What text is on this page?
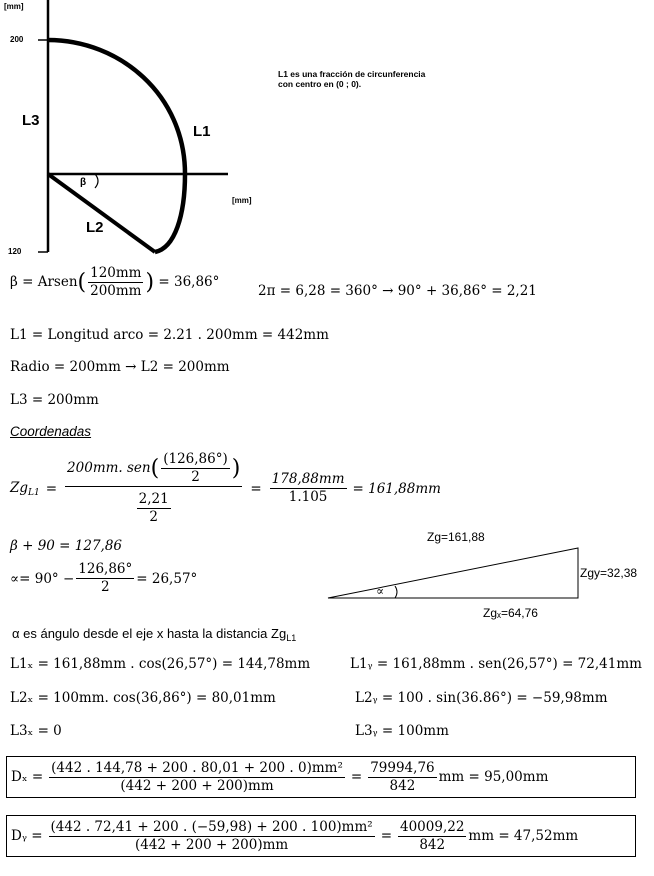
[mm]
200
120
[mm]
L3
L1
L2
β
L1 es una fracción de circunferencia
con centro en (0 ; 0).
β = Arsen( $\frac{120mm}{200mm}$ ) = 36,86°
2π = 6,28 = 360° → 90° + 36,86° = 2,21
L1 = Longitud arco = 2.21 . 200mm = 442mm
Radio = 200mm → L2 = 200mm
L3 = 200mm
Coordenadas
$Zg_{L1} = \frac{200mm. sen ( \frac{(126,86^\circ)}{2} )}{\frac{2,21}{2}} = \frac{178,88mm}{1.105} = 161,88mm$
β + 90 = 127,86
∝= $90^\circ - \frac{126,86^\circ}{2} = 26,57^\circ$
Zg=161,88
Zgy=32,38
Zgₓ=64,76
∝
α es ángulo desde el eje x hasta la distancia $Zg_{L1}$
L1ₓ = 161,88mm . cos(26,57°) = 144,78mm	L1ᵧ = 161,88mm . sen(26,57°) = 72,41mm
L2ₓ = 100mm. cos(36,86°) = 80,01mm	L2ᵧ = 100 . sin(36.86°) = −59,98mm
L3ₓ = 0	L3ᵧ = 100mm
$D_x = \frac{\text{(442 . 144,78 + 200 . 80,01 + 200 . 0)mm²}}{(442 + 200 + 200)mm} = \frac{79994,76}{842}$ mm = 95,00mm
Dᵧ = $\frac{\text{(442 . 72,41 + 200 . (−59,98) + 200 . 100)mm²}}{(442 + 200 + 200)mm} = \frac{40009,22}{842}$ mm = 47,52mm
